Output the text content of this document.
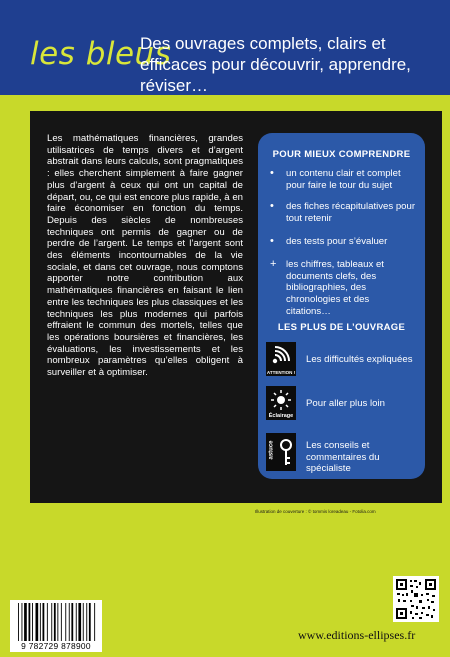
les bleus
Des ouvrages complets, clairs et efficaces pour découvrir, apprendre, réviser…
Les mathématiques financières, grandes utilisatrices de temps divers et d’argent abstrait dans leurs calculs, sont pragmatiques : elles cherchent simplement à faire gagner plus d’argent à ceux qui ont un capital de départ, ou, ce qui est encore plus rapide, à en faire économiser en fonction du temps. Depuis des siècles de nombreuses techniques ont permis de gagner ou de perdre de l’argent. Le temps et l’argent sont des éléments incontournables de la vie sociale, et dans cet ouvrage, nous comptons apporter notre contribution aux mathématiques financières en faisant le lien entre les techniques les plus classiques et les techniques les plus modernes qui parfois effraient le commun des mortels, telles que les opérations boursières et financières, les évaluations, les investissements et les nombreux paramètres qu’elles obligent à surveiller et à optimiser.
POUR MIEUX COMPRENDRE
• un contenu clair et complet pour faire le tour du sujet
• des fiches récapitulatives pour tout retenir
• des tests pour s’évaluer
+ les chiffres, tableaux et documents clefs, des bibliographies, des chronologies et des citations…
LES PLUS DE L’OUVRAGE
ATTENTION !
Les difficultés expliquées
Éclairage
Pour aller plus loin
astuce	Les conseils et commentaires du spécialiste
Illustration de couverture : © tommis loreadeau - Fotolia.com
9 782729 878900
www.editions-ellipses.fr
